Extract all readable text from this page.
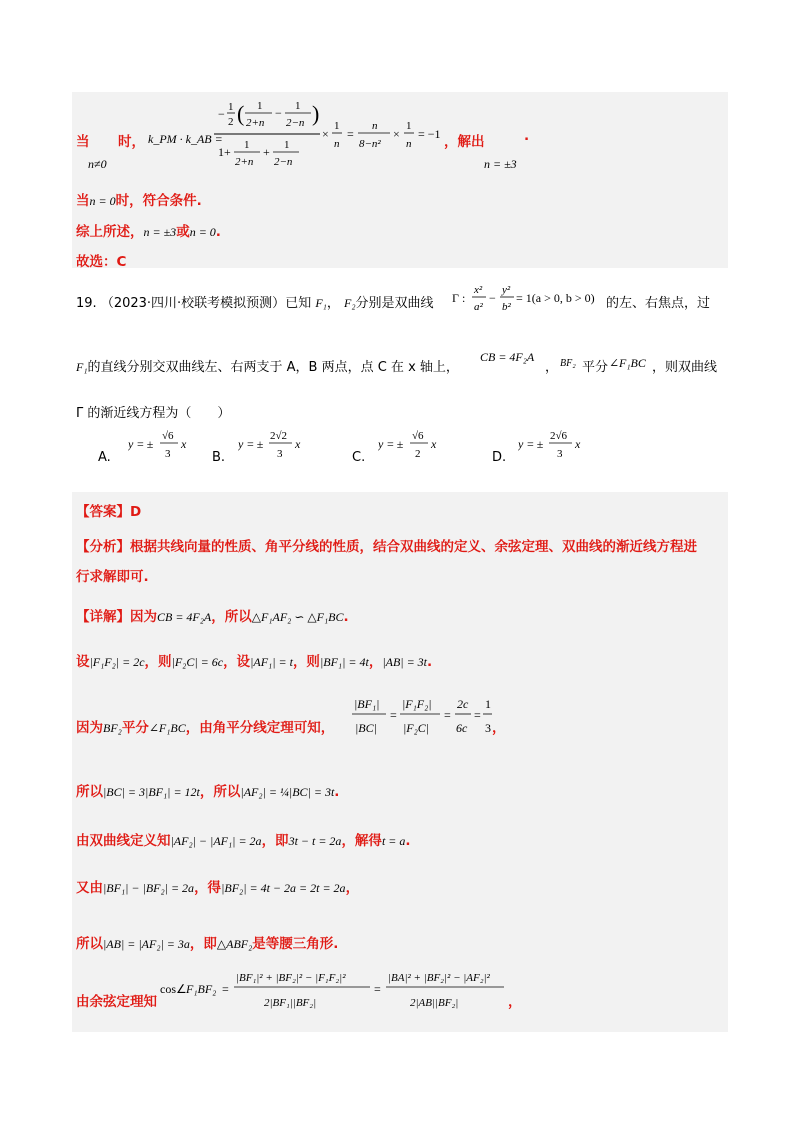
当
n≠0
时， k_PM · k_AB =
− 1
2 ( 1
2+n
− 1
2−n )
1+ 1
2+n
+ 1
2−n
×
1
n
=
n
8−n²
×
1
n
= −1 ，解出
n = ±3
.
当n = 0时，符合条件.
综上所述，n = ±3或n = 0.
故选：C
19. （2023·四川·校联考模拟预测）已知 F₁， F₂分别是双曲线 Γ :
x²
a²
−
y²
b²
= 1(a > 0, b > 0) 的左、右焦点，过
F₁的直线分别交双曲线左、右两支于 A，B 两点，点 C 在 x 轴上，
CB = 4F₂A
， BF₂ 平分 ∠F₁BC ，则双曲线
Γ 的渐近线方程为（　　）
A.
y = ±
√6
3
x
B.
y = ±
2√2
3
x
C.
y = ±
√6
2
x
D.
y = ±
2√6
3
x
【答案】D
【分析】根据共线向量的性质、角平分线的性质，结合双曲线的定义、余弦定理、双曲线的渐近线方程进
行求解即可.
【详解】因为CB = 4F₂A，所以△F₁AF₂ ∽ △F₁BC.
设|F₁F₂| = 2c，则|F₂C| = 6c，设|AF₁| = t，则|BF₁| = 4t，|AB| = 3t.
因为BF₂平分∠F₁BC，由角平分线定理可知，
|BF₁|
|BC|
=
|F₁F₂|
|F₂C|
=
2c
6c
=
1
3 ，
所以|BC| = 3|BF₁| = 12t，所以|AF₂| = ¼|BC| = 3t.
由双曲线定义知|AF₂| − |AF₁| = 2a，即3t − t = 2a，解得t = a.
又由|BF₁| − |BF₂| = 2a，得|BF₂| = 4t − 2a = 2t = 2a，
所以|AB| = |AF₂| = 3a，即△ABF₂是等腰三角形.
由余弦定理知
cos∠ F₁BF₂ =
|BF₁|² + |BF₂|² − |F₁F₂|²
2|BF₁||BF₂|
=
|BA|² + |BF₂|² − |AF₂|²
2|AB||BF₂|	，
